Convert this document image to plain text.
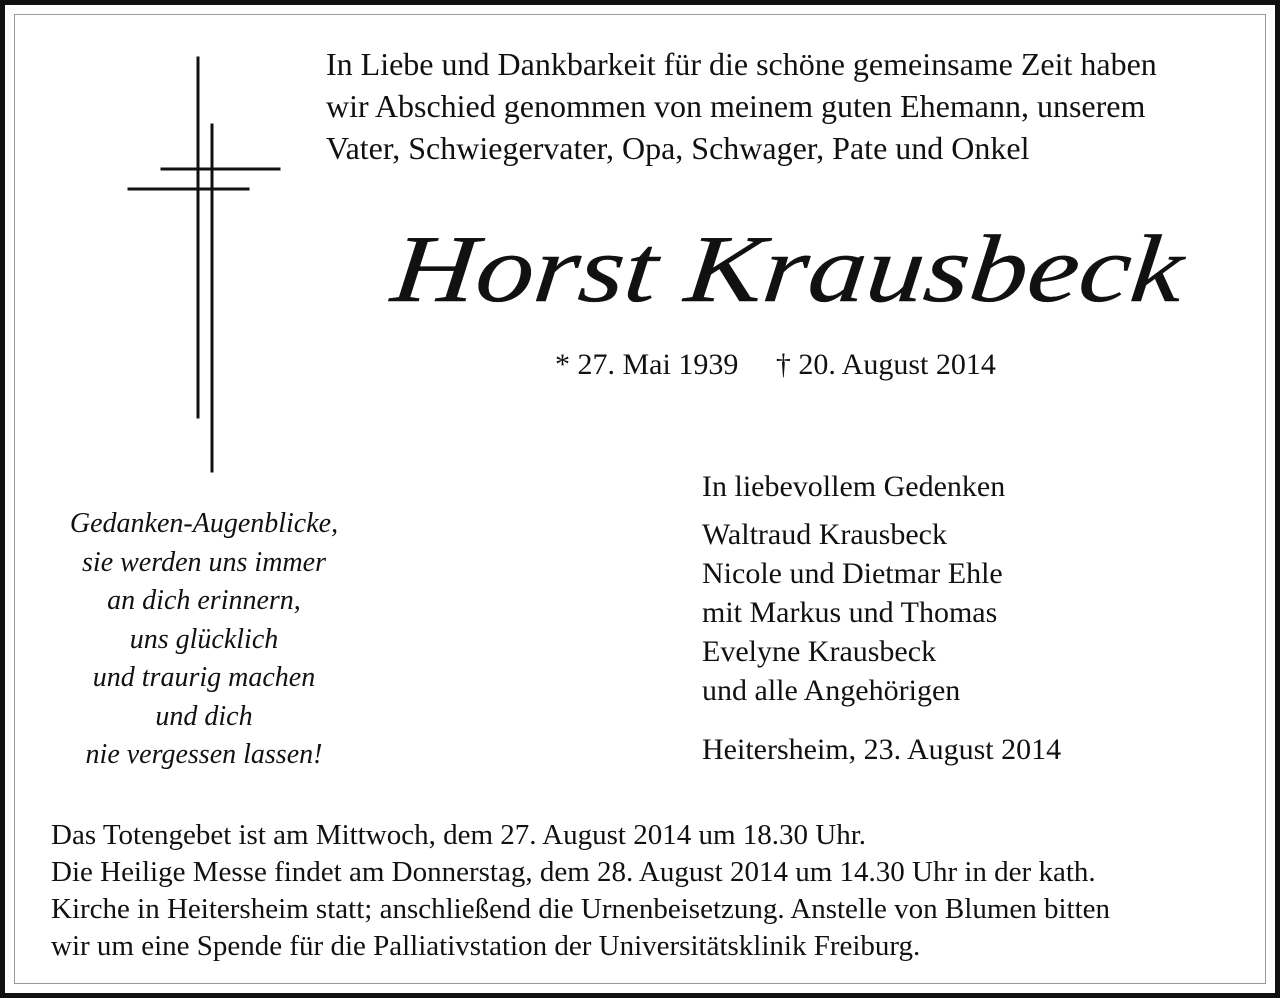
In Liebe und Dankbarkeit für die schöne gemeinsame Zeit haben
wir Abschied genommen von meinem guten Ehemann, unserem
Vater, Schwiegervater, Opa, Schwager, Pate und Onkel

Horst Krausbeck
* 27. Mai 1939 † 20. August 2014
Gedanken-Augenblicke,
sie werden uns immer
an dich erinnern,
uns glücklich
und traurig machen
und dich
nie vergessen lassen!
In liebevollem Gedenken
Waltraud Krausbeck
Nicole und Dietmar Ehle
mit Markus und Thomas
Evelyne Krausbeck
und alle Angehörigen
Heitersheim, 23. August 2014
Das Totengebet ist am Mittwoch, dem 27. August 2014 um 18.30 Uhr.
Die Heilige Messe findet am Donnerstag, dem 28. August 2014 um 14.30 Uhr in der kath.
Kirche in Heitersheim statt; anschließend die Urnenbeisetzung. Anstelle von Blumen bitten
wir um eine Spende für die Palliativstation der Universitätsklinik Freiburg.
